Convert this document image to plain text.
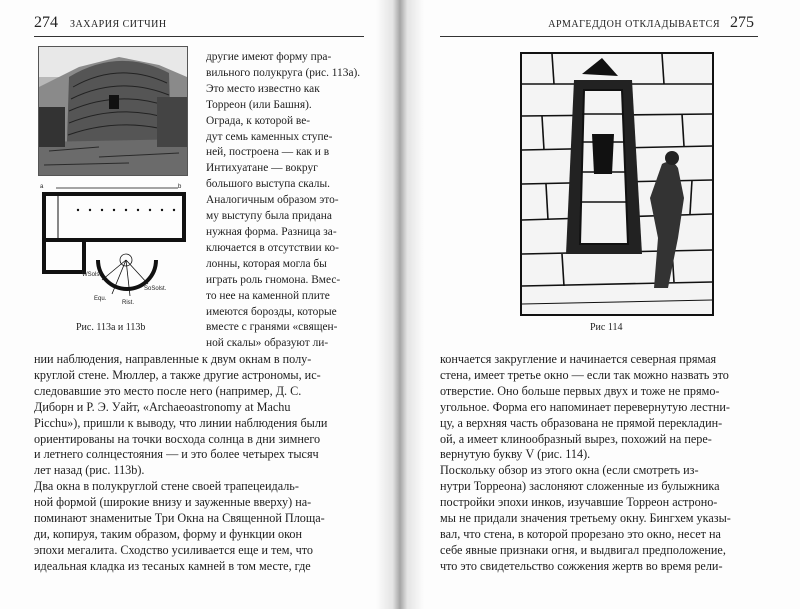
274 ЗАХАРИЯ СИТЧИН
a	b
WSolst.
SoSolst.
Equ.
Rist.
Рис. 113а и 113b
другие имеют форму пра-
вильного полукруга (рис. 113а).
Это место известно как
Торреон (или Башня).
Ограда, к которой ве-
дут семь каменных ступе-
ней, построена — как и в
Интихуатане — вокруг
большого выступа скалы.
Аналогичным образом это-
му выступу была придана
нужная форма. Разница за-
ключается в отсутствии ко-
лонны, которая могла бы
играть роль гномона. Вмес-
то нее на каменной плите
имеются борозды, которые
вместе с гранями «священ-
ной скалы» образуют ли-
нии наблюдения, направленные к двум окнам в полу-
круглой стене. Мюллер, а также другие астрономы, ис-
следовавшие это место после него (например, Д. С.
Диборн и Р. Э. Уайт, «Archaeoastronomy at Machu
Picchu»), пришли к выводу, что линии наблюдения были
ориентированы на точки восхода солнца в дни зимнего
и летнего солнцестояния — и это более четырех тысяч
лет назад (рис. 113b).
Два окна в полукруглой стене своей трапецеидаль-
ной формой (широкие внизу и зауженные вверху) на-
поминают знаменитые Три Окна на Священной Площа-
ди, копируя, таким образом, форму и функции окон
эпохи мегалита. Сходство усиливается еще и тем, что
идеальная кладка из тесаных камней в том месте, где
АРМАГЕДДОН ОТКЛАДЫВАЕТСЯ 275
Рис 114
кончается закругление и начинается северная прямая
стена, имеет третье окно — если так можно назвать это
отверстие. Оно больше первых двух и тоже не прямо-
угольное. Форма его напоминает перевернутую лестни-
цу, а верхняя часть образована не прямой перекладин-
ой, а имеет клинообразный вырез, похожий на пере-
вернутую букву V (рис. 114).
Поскольку обзор из этого окна (если смотреть из-
нутри Торреона) заслоняют сложенные из булыжника
постройки эпохи инков, изучавшие Торреон астроно-
мы не придали значения третьему окну. Бингхем указы-
вал, что стена, в которой прорезано это окно, несет на
себе явные признаки огня, и выдвигал предположение,
что это свидетельство сожжения жертв во время рели-
